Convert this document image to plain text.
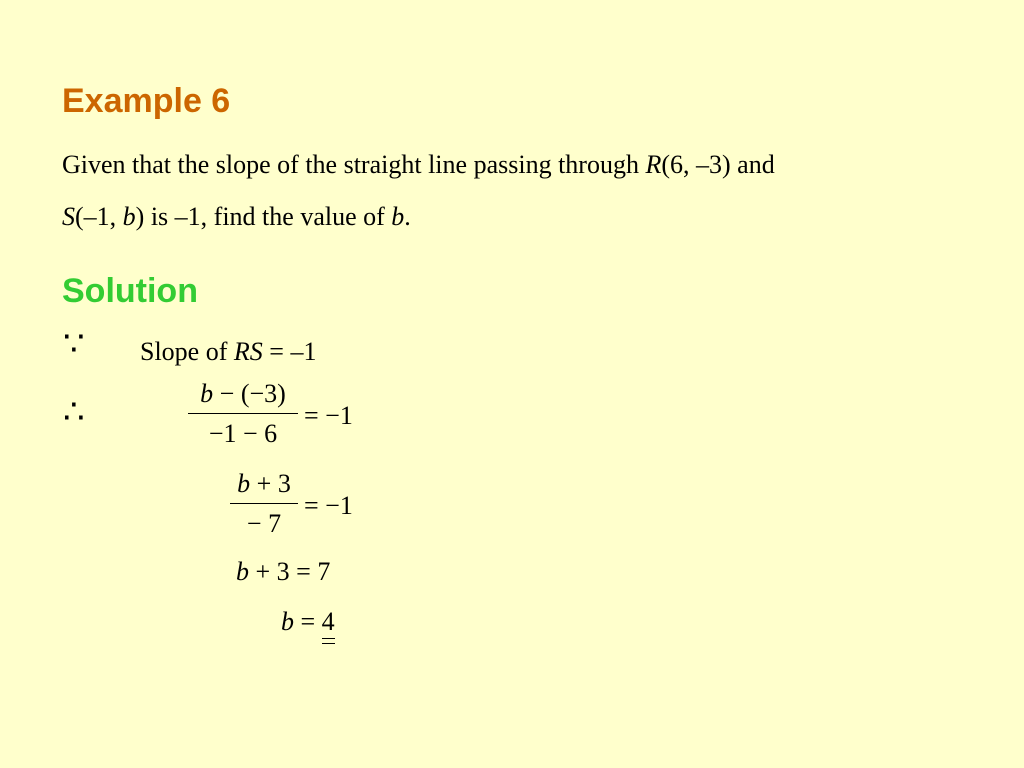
Example 6
Given that the slope of the straight line passing through R(6, –3) and
S(–1, b) is –1, find the value of b.
Solution
∵ Slope of RS = –1
∴
b − (−3)
−1 − 6
= −1
b + 3
− 7
= −1
b + 3 = 7
b = 4
